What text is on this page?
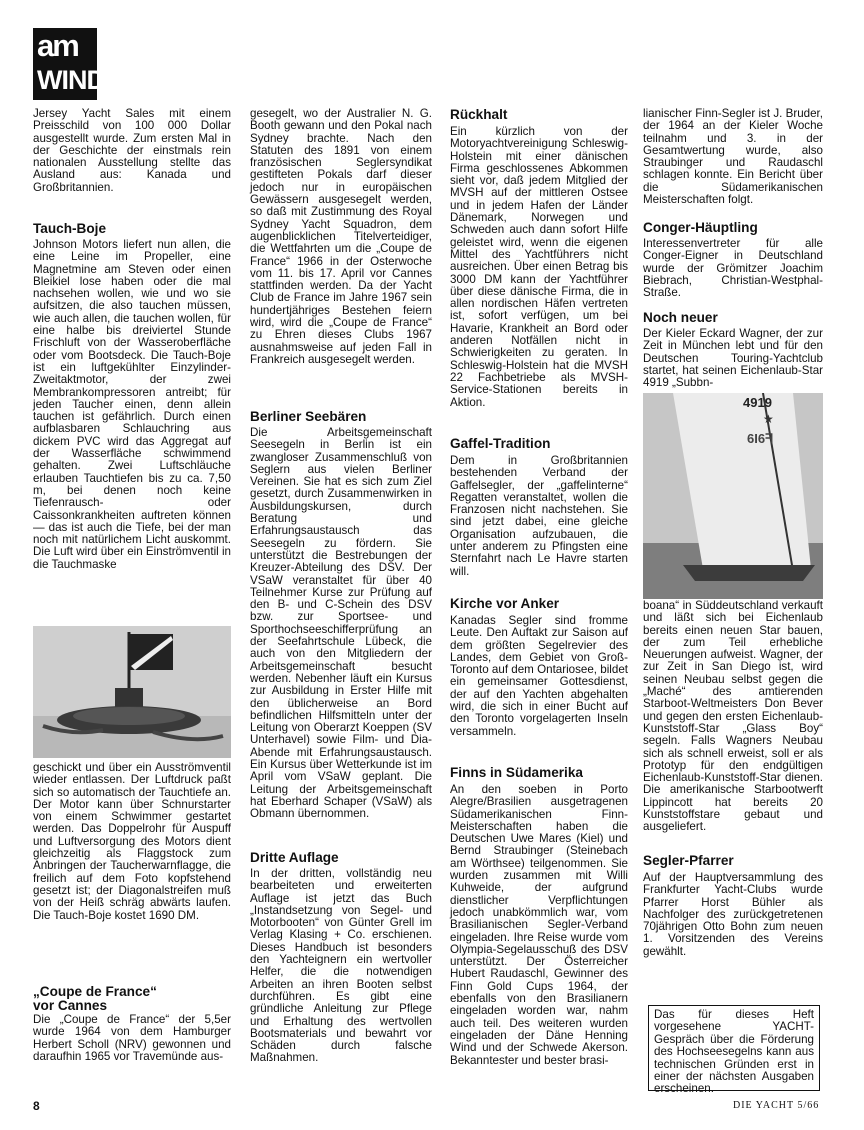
am
WIND

Jersey Yacht Sales mit einem Preisschild von 100 000 Dollar ausgestellt wurde. Zum ersten Mal in der Geschichte der einstmals rein nationalen Ausstellung stellte das Ausland aus: Kanada und Großbritannien.

Tauch-Boje

Johnson Motors liefert nun allen, die eine Leine im Propeller, eine Magnetmine am Steven oder einen Bleikiel lose haben oder die mal nachsehen wollen, wie und wo sie aufsitzen, die also tauchen müssen, wie auch allen, die tauchen wollen, für eine halbe bis dreiviertel Stunde Frischluft von der Wasseroberfläche oder vom Bootsdeck. Die Tauch-Boje ist ein luftgekühlter Einzylinder-Zweitaktmotor, der zwei Membrankompressoren antreibt; für jeden Taucher einen, denn allein tauchen ist gefährlich. Durch einen aufblasbaren Schlauchring aus dickem PVC wird das Aggregat auf der Wasserfläche schwimmend gehalten. Zwei Luftschläuche erlauben Tauchtiefen bis zu ca. 7,50 m, bei denen noch keine Tiefenrausch- oder Caissonkrankheiten auftreten können — das ist auch die Tiefe, bei der man noch mit natürlichem Licht auskommt. Die Luft wird über ein Einströmventil in die Tauchmaske

geschickt und über ein Ausströmventil wieder entlassen. Der Luftdruck paßt sich so automatisch der Tauchtiefe an. Der Motor kann über Schnurstarter von einem Schwimmer gestartet werden. Das Doppelrohr für Auspuff und Luftversorgung des Motors dient gleichzeitig als Flaggstock zum Anbringen der Taucherwarnflagge, die freilich auf dem Foto kopfstehend gesetzt ist; der Diagonalstreifen muß von der Heiß schräg abwärts laufen. Die Tauch-Boje kostet 1690 DM.

„Coupe de France“
vor Cannes

Die „Coupe de France“ der 5,5er wurde 1964 von dem Hamburger Herbert Scholl (NRV) gewonnen und daraufhin 1965 vor Travemünde aus-

gesegelt, wo der Australier N. G. Booth gewann und den Pokal nach Sydney brachte. Nach den Statuten des 1891 von einem französischen Seglersyndikat gestifteten Pokals darf dieser jedoch nur in europäischen Gewässern ausgesegelt werden, so daß mit Zustimmung des Royal Sydney Yacht Squadron, dem augenblicklichen Titelverteidiger, die Wettfahrten um die „Coupe de France“ 1966 in der Osterwoche vom 11. bis 17. April vor Cannes stattfinden werden. Da der Yacht Club de France im Jahre 1967 sein hundertjähriges Bestehen feiern wird, wird die „Coupe de France“ zu Ehren dieses Clubs 1967 ausnahmsweise auf jeden Fall in Frankreich ausgesegelt werden.

Berliner Seebären

Die Arbeitsgemeinschaft Seesegeln in Berlin ist ein zwangloser Zusammenschluß von Seglern aus vielen Berliner Vereinen. Sie hat es sich zum Ziel gesetzt, durch Zusammenwirken in Ausbildungskursen, durch Beratung und Erfahrungsaustausch das Seesegeln zu fördern. Sie unterstützt die Bestrebungen der Kreuzer-Abteilung des DSV. Der VSaW veranstaltet für über 40 Teilnehmer Kurse zur Prüfung auf den B- und C-Schein des DSV bzw. zur Sportsee- und Sporthochseeschifferprüfung an der Seefahrtschule Lübeck, die auch von den Mitgliedern der Arbeitsgemeinschaft besucht werden. Nebenher läuft ein Kursus zur Ausbildung in Erster Hilfe mit den üblicherweise an Bord befindlichen Hilfsmitteln unter der Leitung von Oberarzt Koeppen (SV Unterhavel) sowie Film- und Dia-Abende mit Erfahrungsaustausch. Ein Kursus über Wetterkunde ist im April vom VSaW geplant. Die Leitung der Arbeitsgemeinschaft hat Eberhard Schaper (VSaW) als Obmann übernommen.

Dritte Auflage

In der dritten, vollständig neu bearbeiteten und erweiterten Auflage ist jetzt das Buch „Instandsetzung von Segel- und Motorbooten“ von Günter Grell im Verlag Klasing + Co. erschienen. Dieses Handbuch ist besonders den Yachteignern ein wertvoller Helfer, die die notwendigen Arbeiten an ihren Booten selbst durchführen. Es gibt eine gründliche Anleitung zur Pflege und Erhaltung des wertvollen Bootsmaterials und bewahrt vor Schäden durch falsche Maßnahmen.

Rückhalt

Ein kürzlich von der Motoryachtvereinigung Schleswig-Holstein mit einer dänischen Firma geschlossenes Abkommen sieht vor, daß jedem Mitglied der MVSH auf der mittleren Ostsee und in jedem Hafen der Länder Dänemark, Norwegen und Schweden auch dann sofort Hilfe geleistet wird, wenn die eigenen Mittel des Yachtführers nicht ausreichen. Über einen Betrag bis 3000 DM kann der Yachtführer über diese dänische Firma, die in allen nordischen Häfen vertreten ist, sofort verfügen, um bei Havarie, Krankheit an Bord oder anderen Notfällen nicht in Schwierigkeiten zu geraten. In Schleswig-Holstein hat die MVSH 22 Fachbetriebe als MVSH-Service-Stationen bereits in Aktion.

Gaffel-Tradition

Dem in Großbritannien bestehenden Verband der Gaffelsegler, der „gaffelinterne“ Regatten veranstaltet, wollen die Franzosen nicht nachstehen. Sie sind jetzt dabei, eine gleiche Organisation aufzubauen, die unter anderem zu Pfingsten eine Sternfahrt nach Le Havre starten will.

Kirche vor Anker

Kanadas Segler sind fromme Leute. Den Auftakt zur Saison auf dem größten Segelrevier des Landes, dem Gebiet von Groß-Toronto auf dem Ontariosee, bildet ein gemeinsamer Gottesdienst, der auf den Yachten abgehalten wird, die sich in einer Bucht auf den Toronto vorgelagerten Inseln versammeln.

Finns in Südamerika

An den soeben in Porto Alegre/Brasilien ausgetragenen Südamerikanischen Finn-Meisterschaften haben die Deutschen Uwe Mares (Kiel) und Bernd Straubinger (Steinebach am Wörthsee) teilgenommen. Sie wurden zusammen mit Willi Kuhweide, der aufgrund dienstlicher Verpflichtungen jedoch unabkömmlich war, vom Brasilianischen Segler-Verband eingeladen. Ihre Reise wurde vom Olympia-Segelausschuß des DSV unterstützt. Der Österreicher Hubert Raudaschl, Gewinner des Finn Gold Cups 1964, der ebenfalls von den Brasilianern eingeladen worden war, nahm auch teil. Des weiteren wurden eingeladen der Däne Henning Wind und der Schwede Akerson. Bekanntester und bester brasi-

lianischer Finn-Segler ist J. Bruder, der 1964 an der Kieler Woche teilnahm und 3. in der Gesamtwertung wurde, also Straubinger und Raudaschl schlagen konnte. Ein Bericht über die Südamerikanischen Meisterschaften folgt.

Conger-Häuptling

Interessenvertreter für alle Conger-Eigner in Deutschland wurde der Grömitzer Joachim Biebrach, Christian-Westphal-Straße.

Noch neuer

Der Kieler Eckard Wagner, der zur Zeit in München lebt und für den Deutschen Touring-Yachtclub startet, hat seinen Eichenlaub-Star 4919 „Subbn-

4919
6I6ᖷ
★

boana“ in Süddeutschland verkauft und läßt sich bei Eichenlaub bereits einen neuen Star bauen, der zum Teil erhebliche Neuerungen aufweist. Wagner, der zur Zeit in San Diego ist, wird seinen Neubau selbst gegen die „Maché“ des amtierenden Starboot-Weltmeisters Don Bever und gegen den ersten Eichenlaub-Kunststoff-Star „Glass Boy“ segeln. Falls Wagners Neubau sich als schnell erweist, soll er als Prototyp für den endgültigen Eichenlaub-Kunststoff-Star dienen. Die amerikanische Starbootwerft Lippincott hat bereits 20 Kunststoffstare gebaut und ausgeliefert.

Segler-Pfarrer

Auf der Hauptversammlung des Frankfurter Yacht-Clubs wurde Pfarrer Horst Bühler als Nachfolger des zurückgetretenen 70jährigen Otto Bohn zum neuen 1. Vorsitzenden des Vereins gewählt.

Das für dieses Heft vorgesehene YACHT-Gespräch über die Förderung des Hochseesegelns kann aus technischen Gründen erst in einer der nächsten Ausgaben erscheinen.

8	DIE YACHT 5/66
